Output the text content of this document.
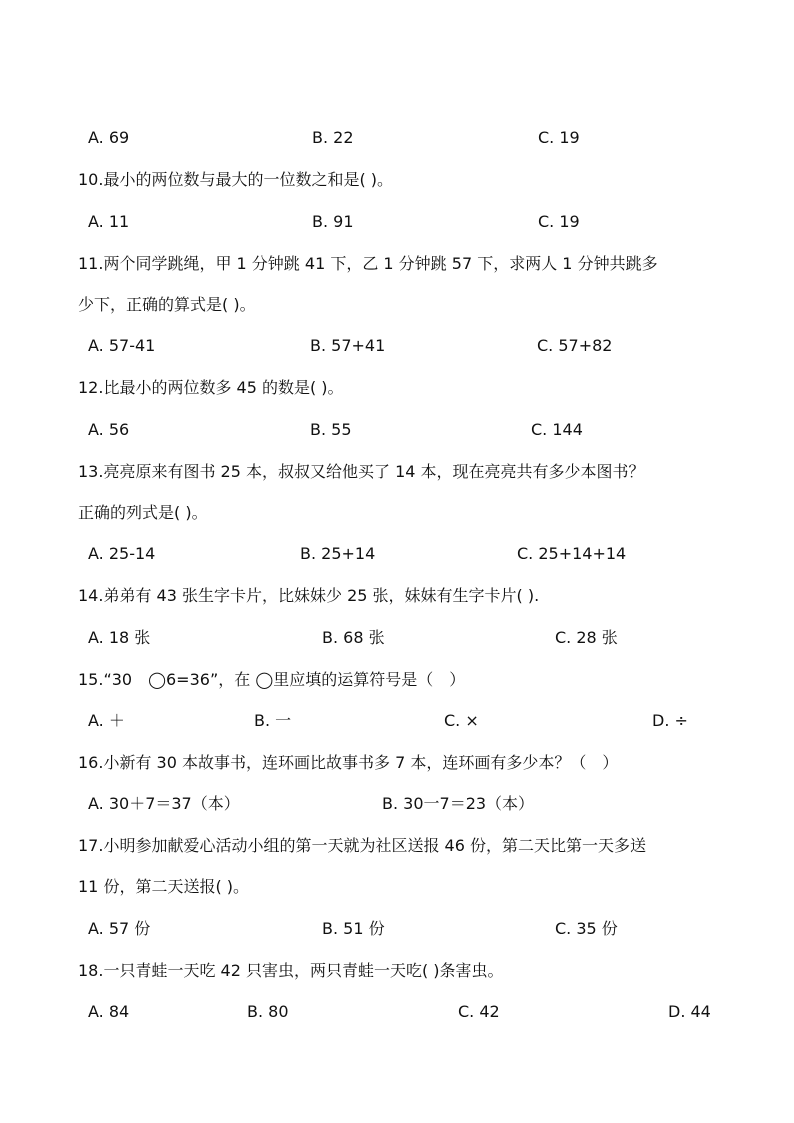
A. 69	B. 22	C. 19
10.最小的两位数与最大的一位数之和是( )。
A. 11	B. 91	C. 19
11.两个同学跳绳，甲 1 分钟跳 41 下，乙 1 分钟跳 57 下，求两人 1 分钟共跳多
少下，正确的算式是( )。
A. 57-41	B. 57+41	C. 57+82
12.比最小的两位数多 45 的数是( )。
A. 56	B. 55	C. 144
13.亮亮原来有图书 25 本，叔叔又给他买了 14 本，现在亮亮共有多少本图书？
正确的列式是( )。
A. 25-14	B. 25+14	C. 25+14+14
14.弟弟有 43 张生字卡片，比妹妹少 25 张，妹妹有生字卡片( ).
A. 18 张	B. 68 张	C. 28 张
15.“30　◯6=36”，在 ◯里应填的运算符号是（　）
A. ＋	B. 一	C. ×	D. ÷
16.小新有 30 本故事书，连环画比故事书多 7 本，连环画有多少本？（　）
A. 30＋7＝37（本）	B. 30一7＝23（本）
17.小明参加献爱心活动小组的第一天就为社区送报 46 份，第二天比第一天多送
11 份，第二天送报( )。
A. 57 份	B. 51 份	C. 35 份
18.一只青蛙一天吃 42 只害虫，两只青蛙一天吃( )条害虫。
A. 84	B. 80	C. 42	D. 44
